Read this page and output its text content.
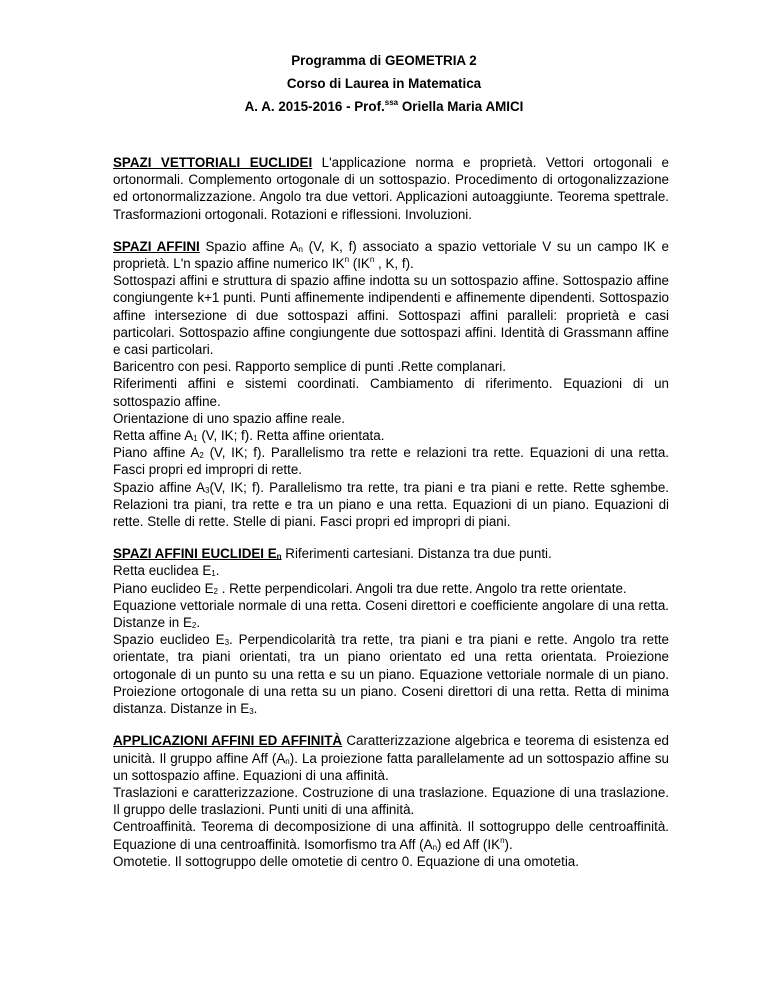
Programma di GEOMETRIA 2
Corso di Laurea in Matematica
A. A. 2015-2016 - Prof.$^{ssa}$ Oriella Maria AMICI

SPAZI VETTORIALI EUCLIDEI L'applicazione norma e proprietà. Vettori ortogonali e ortonormali. Complemento ortogonale di un sottospazio. Procedimento di ortogonalizzazione ed ortonormalizzazione. Angolo tra due vettori. Applicazioni autoaggiunte. Teorema spettrale. Trasformazioni ortogonali. Rotazioni e riflessioni. Involuzioni.

SPAZI AFFINI Spazio affine $A_n$ (V, K, f) associato a spazio vettoriale V su un campo IK e proprietà. L'n spazio affine numerico $IK^n$ ($IK^n$ , K, f).

Sottospazi affini e struttura di spazio affine indotta su un sottospazio affine. Sottospazio affine congiungente k+1 punti. Punti affinemente indipendenti e affinemente dipendenti. Sottospazio affine intersezione di due sottospazi affini. Sottospazi affini paralleli: proprietà e casi particolari. Sottospazio affine congiungente due sottospazi affini. Identità di Grassmann affine e casi particolari.

Baricentro con pesi. Rapporto semplice di punti .Rette complanari.

Riferimenti affini e sistemi coordinati. Cambiamento di riferimento. Equazioni di un sottospazio affine.

Orientazione di uno spazio affine reale.

Retta affine $A_1$ (V, IK; f). Retta affine orientata.

Piano affine $A_2$ (V, IK; f). Parallelismo tra rette e relazioni tra rette. Equazioni di una retta. Fasci propri ed impropri di rette.

Spazio affine $A_3(V$, IK; f). Parallelismo tra rette, tra piani e tra piani e rette. Rette sghembe. Relazioni tra piani, tra rette e tra un piano e una retta. Equazioni di un piano. Equazioni di rette. Stelle di rette. Stelle di piani. Fasci propri ed impropri di piani.

SPAZI AFFINI EUCLIDEI $E_n$ Riferimenti cartesiani. Distanza tra due punti.

Retta euclidea $E_1$.

Piano euclideo $E_2$ . Rette perpendicolari. Angoli tra due rette. Angolo tra rette orientate.

Equazione vettoriale normale di una retta. Coseni direttori e coefficiente angolare di una retta. Distanze in $E_2$.

Spazio euclideo $E_3$. Perpendicolarità tra rette, tra piani e tra piani e rette. Angolo tra rette orientate, tra piani orientati, tra un piano orientato ed una retta orientata. Proiezione ortogonale di un punto su una retta e su un piano. Equazione vettoriale normale di un piano. Proiezione ortogonale di una retta su un piano. Coseni direttori di una retta. Retta di minima distanza. Distanze in $E_3$.

APPLICAZIONI AFFINI ED AFFINITÀ Caratterizzazione algebrica e teorema di esistenza ed unicità. Il gruppo affine Aff $(A_n)$. La proiezione fatta parallelamente ad un sottospazio affine su un sottospazio affine. Equazioni di una affinità.

Traslazioni e caratterizzazione. Costruzione di una traslazione. Equazione di una traslazione. Il gruppo delle traslazioni. Punti uniti di una affinità.

Centroaffinità. Teorema di decomposizione di una affinità. Il sottogruppo delle centroaffinità. Equazione di una centroaffinità. Isomorfismo tra Aff $(A_n)$ ed Aff $(IK^n)$.

Omotetie. Il sottogruppo delle omotetie di centro 0. Equazione di una omotetia.
